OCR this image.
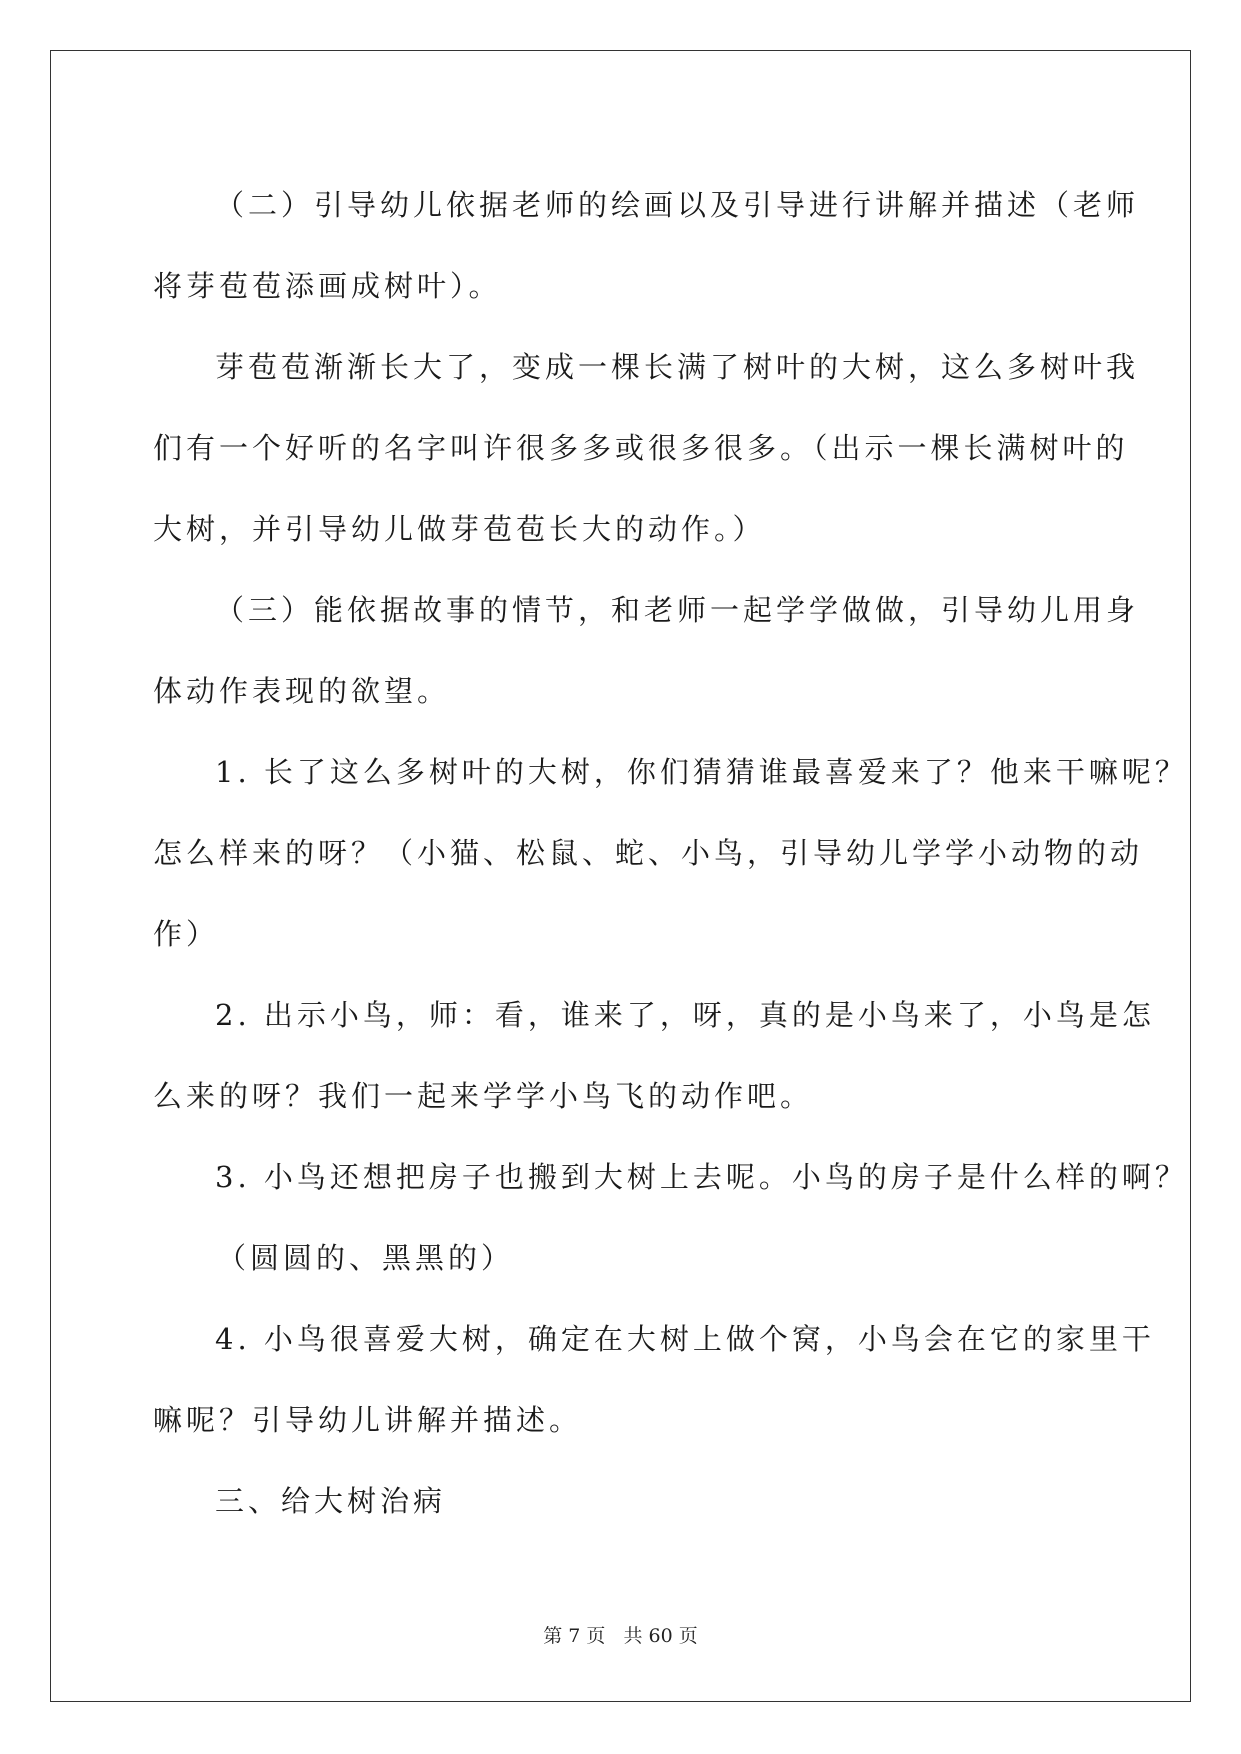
（二）引导幼儿依据老师的绘画以及引导进行讲解并描述（老师

将芽苞苞添画成树叶）。

芽苞苞渐渐长大了，变成一棵长满了树叶的大树，这么多树叶我

们有一个好听的名字叫许很多多或很多很多。（出示一棵长满树叶的

大树，并引导幼儿做芽苞苞长大的动作。）

（三）能依据故事的情节，和老师一起学学做做，引导幼儿用身

体动作表现的欲望。

1. 长了这么多树叶的大树，你们猜猜谁最喜爱来了？他来干嘛呢？

怎么样来的呀？（小猫、松鼠、蛇、小鸟，引导幼儿学学小动物的动

作）

2. 出示小鸟，师：看，谁来了，呀，真的是小鸟来了，小鸟是怎

么来的呀？我们一起来学学小鸟飞的动作吧。

3. 小鸟还想把房子也搬到大树上去呢。小鸟的房子是什么样的啊？

（圆圆的、黑黑的）

4. 小鸟很喜爱大树，确定在大树上做个窝，小鸟会在它的家里干

嘛呢？引导幼儿讲解并描述。

三、给大树治病

第 7 页 共 60 页
